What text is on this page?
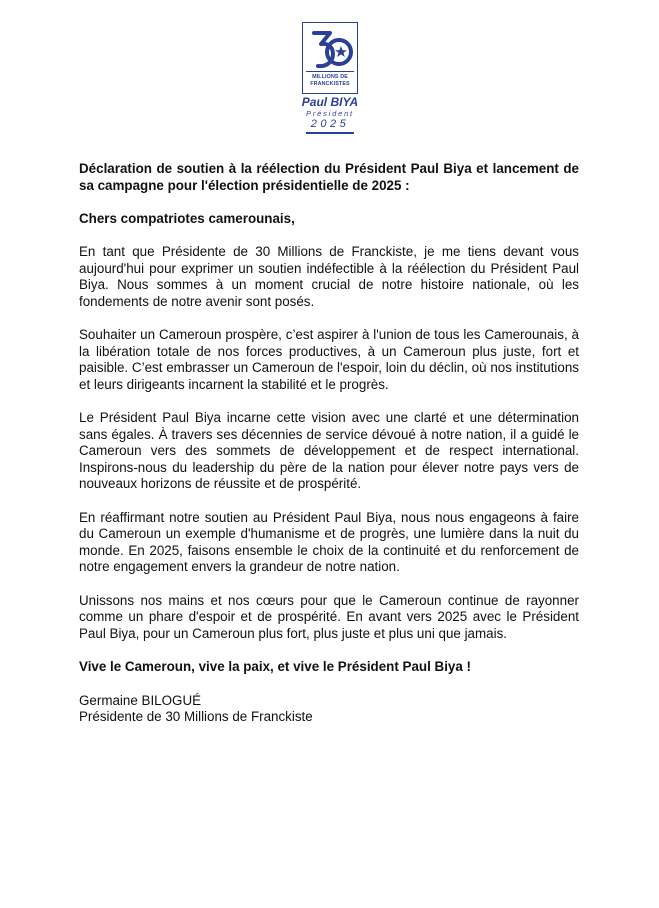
MILLIONS DE
FRANCKISTES
Paul BIYA
Président
2025

Déclaration de soutien à la réélection du Président Paul Biya et lancement de sa campagne pour l'élection présidentielle de 2025 :

Chers compatriotes camerounais,

En tant que Présidente de 30 Millions de Franckiste, je me tiens devant vous aujourd'hui pour exprimer un soutien indéfectible à la réélection du Président Paul Biya. Nous sommes à un moment crucial de notre histoire nationale, où les fondements de notre avenir sont posés.

Souhaiter un Cameroun prospère, c’est aspirer à l'union de tous les Camerounais, à la libération totale de nos forces productives, à un Cameroun plus juste, fort et paisible. C’est embrasser un Cameroun de l'espoir, loin du déclin, où nos institutions et leurs dirigeants incarnent la stabilité et le progrès.

Le Président Paul Biya incarne cette vision avec une clarté et une détermination sans égales. À travers ses décennies de service dévoué à notre nation, il a guidé le Cameroun vers des sommets de développement et de respect international. Inspirons-nous du leadership du père de la nation pour élever notre pays vers de nouveaux horizons de réussite et de prospérité.

En réaffirmant notre soutien au Président Paul Biya, nous nous engageons à faire du Cameroun un exemple d'humanisme et de progrès, une lumière dans la nuit du monde. En 2025, faisons ensemble le choix de la continuité et du renforcement de notre engagement envers la grandeur de notre nation.

Unissons nos mains et nos cœurs pour que le Cameroun continue de rayonner comme un phare d'espoir et de prospérité. En avant vers 2025 avec le Président Paul Biya, pour un Cameroun plus fort, plus juste et plus uni que jamais.

Vive le Cameroun, vive la paix, et vive le Président Paul Biya !

Germaine BILOGUÉ

Présidente de 30 Millions de Franckiste
